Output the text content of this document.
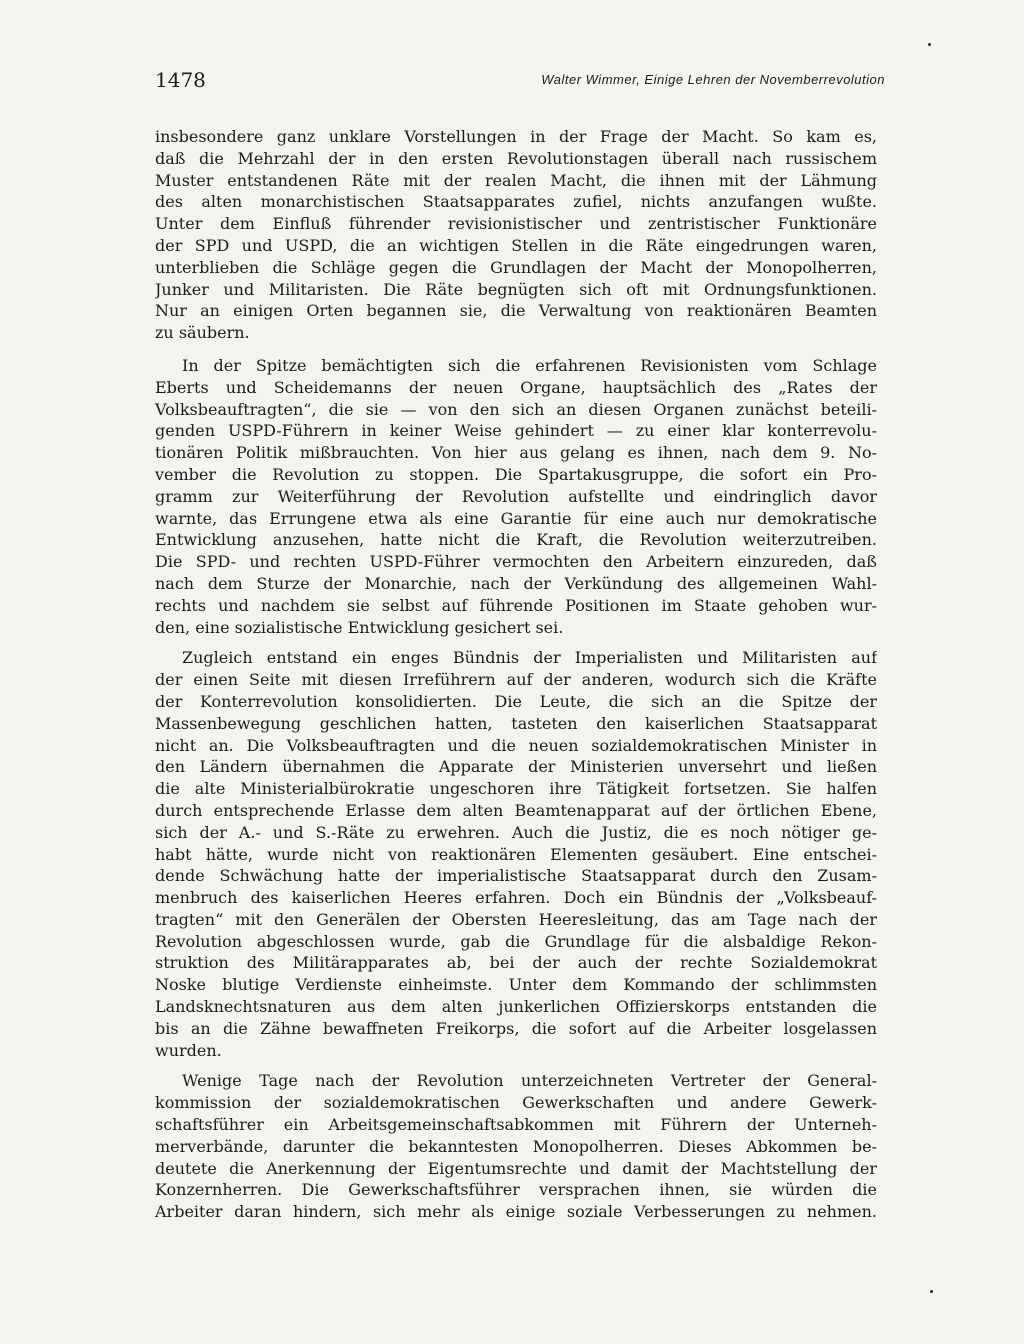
1478	Walter Wimmer, Einige Lehren der Novemberrevolution
insbesondere ganz unklare Vorstellungen in der Frage der Macht. So kam es,
daß die Mehrzahl der in den ersten Revolutionstagen überall nach russischem
Muster entstandenen Räte mit der realen Macht, die ihnen mit der Lähmung
des alten monarchistischen Staatsapparates zufiel, nichts anzufangen wußte.
Unter dem Einfluß führender revisionistischer und zentristischer Funktionäre
der SPD und USPD, die an wichtigen Stellen in die Räte eingedrungen waren,
unterblieben die Schläge gegen die Grundlagen der Macht der Monopolherren,
Junker und Militaristen. Die Räte begnügten sich oft mit Ordnungsfunktionen.
Nur an einigen Orten begannen sie, die Verwaltung von reaktionären Beamten
zu säubern.
In der Spitze bemächtigten sich die erfahrenen Revisionisten vom Schlage
Eberts und Scheidemanns der neuen Organe, hauptsächlich des „Rates der
Volksbeauftragten“, die sie — von den sich an diesen Organen zunächst beteili-
genden USPD-Führern in keiner Weise gehindert — zu einer klar konterrevolu-
tionären Politik mißbrauchten. Von hier aus gelang es ihnen, nach dem 9. No-
vember die Revolution zu stoppen. Die Spartakusgruppe, die sofort ein Pro-
gramm zur Weiterführung der Revolution aufstellte und eindringlich davor
warnte, das Errungene etwa als eine Garantie für eine auch nur demokratische
Entwicklung anzusehen, hatte nicht die Kraft, die Revolution weiterzutreiben.
Die SPD- und rechten USPD-Führer vermochten den Arbeitern einzureden, daß
nach dem Sturze der Monarchie, nach der Verkündung des allgemeinen Wahl-
rechts und nachdem sie selbst auf führende Positionen im Staate gehoben wur-
den, eine sozialistische Entwicklung gesichert sei.
Zugleich entstand ein enges Bündnis der Imperialisten und Militaristen auf
der einen Seite mit diesen Irreführern auf der anderen, wodurch sich die Kräfte
der Konterrevolution konsolidierten. Die Leute, die sich an die Spitze der
Massenbewegung geschlichen hatten, tasteten den kaiserlichen Staatsapparat
nicht an. Die Volksbeauftragten und die neuen sozialdemokratischen Minister in
den Ländern übernahmen die Apparate der Ministerien unversehrt und ließen
die alte Ministerialbürokratie ungeschoren ihre Tätigkeit fortsetzen. Sie halfen
durch entsprechende Erlasse dem alten Beamtenapparat auf der örtlichen Ebene,
sich der A.- und S.-Räte zu erwehren. Auch die Justiz, die es noch nötiger ge-
habt hätte, wurde nicht von reaktionären Elementen gesäubert. Eine entschei-
dende Schwächung hatte der imperialistische Staatsapparat durch den Zusam-
menbruch des kaiserlichen Heeres erfahren. Doch ein Bündnis der „Volksbeauf-
tragten“ mit den Generälen der Obersten Heeresleitung, das am Tage nach der
Revolution abgeschlossen wurde, gab die Grundlage für die alsbaldige Rekon-
struktion des Militärapparates ab, bei der auch der rechte Sozialdemokrat
Noske blutige Verdienste einheimste. Unter dem Kommando der schlimmsten
Landsknechtsnaturen aus dem alten junkerlichen Offizierskorps entstanden die
bis an die Zähne bewaffneten Freikorps, die sofort auf die Arbeiter losgelassen
wurden.
Wenige Tage nach der Revolution unterzeichneten Vertreter der General-
kommission der sozialdemokratischen Gewerkschaften und andere Gewerk-
schaftsführer ein Arbeitsgemeinschaftsabkommen mit Führern der Unterneh-
merverbände, darunter die bekanntesten Monopolherren. Dieses Abkommen be-
deutete die Anerkennung der Eigentumsrechte und damit der Machtstellung der
Konzernherren. Die Gewerkschaftsführer versprachen ihnen, sie würden die
Arbeiter daran hindern, sich mehr als einige soziale Verbesserungen zu nehmen.
